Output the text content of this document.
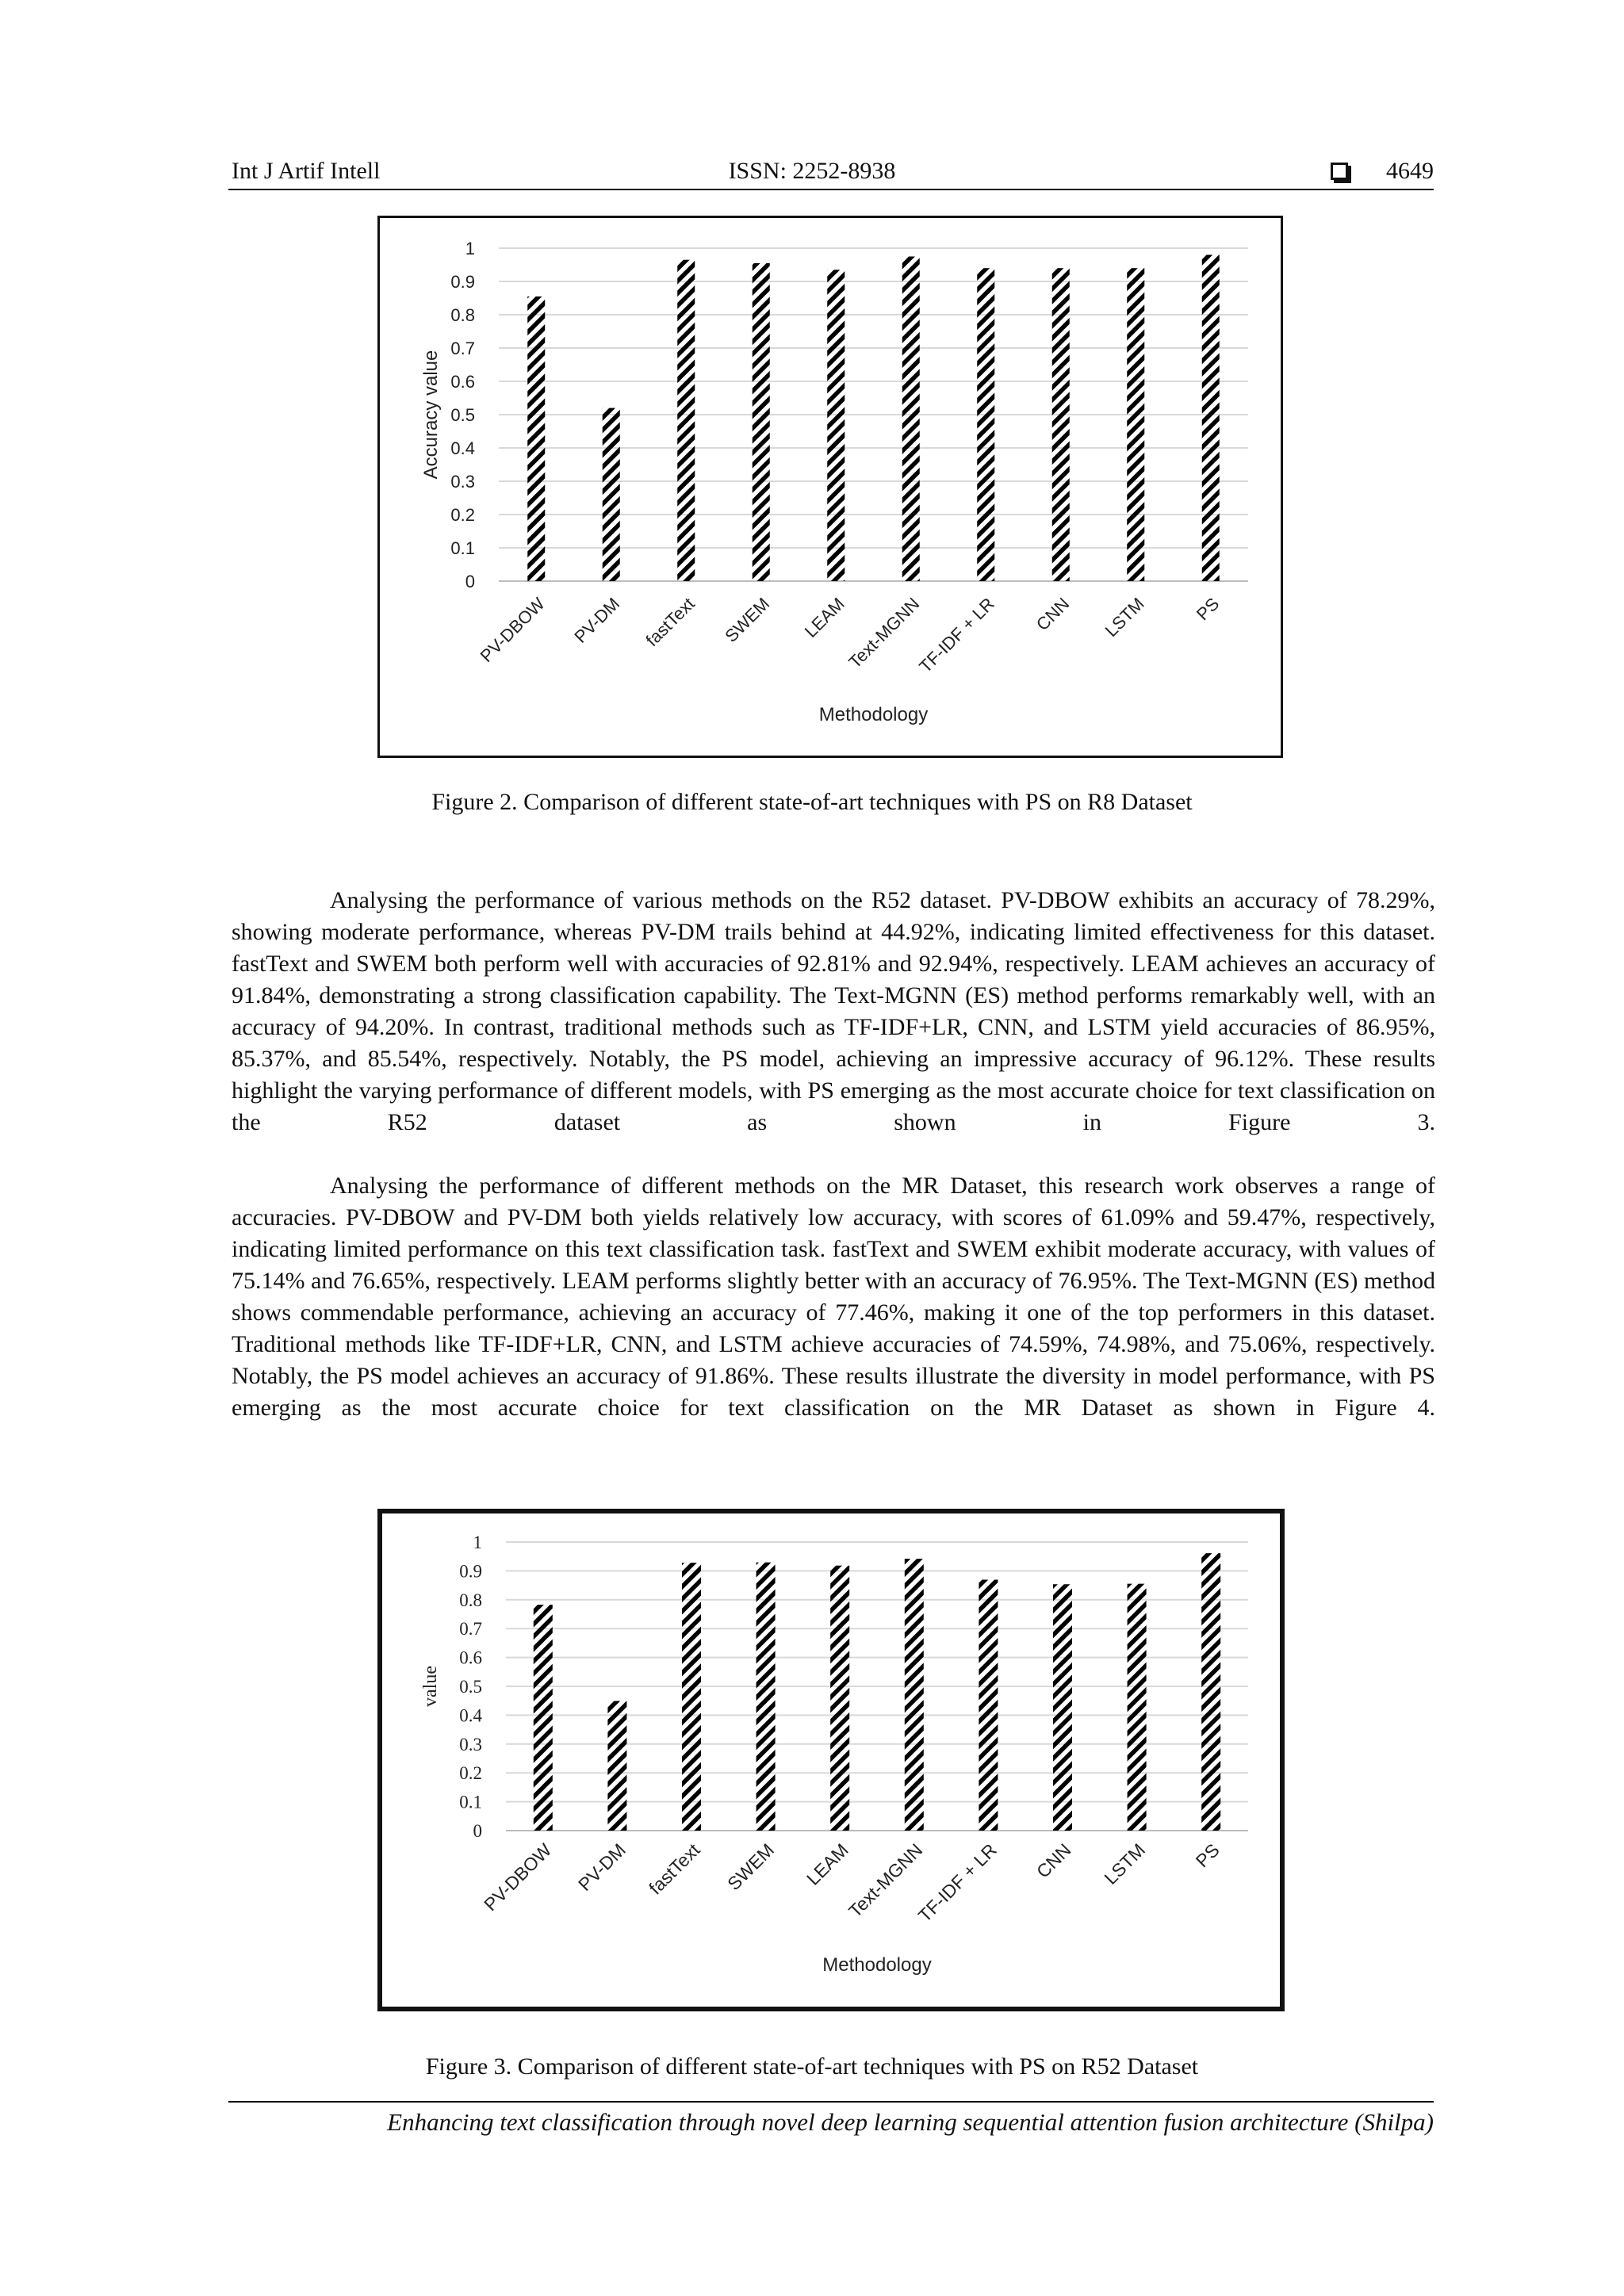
Int J Artif Intell	ISSN: 2252-8938	4649
0
0.1
0.2
0.3
0.4
0.5
0.6
0.7
0.8
0.9
1
PV-DBOW PV-DM fastText SWEM LEAM
Text-MGNN
TF-IDF + LR CNN LSTM	PS
Accuracy value
Methodology
Figure 2. Comparison of different state-of-art techniques with PS on R8 Dataset

Analysing the performance of various methods on the R52 dataset. PV-DBOW exhibits an accuracy of 78.29%, showing moderate performance, whereas PV-DM trails behind at 44.92%, indicating limited effectiveness for this dataset. fastText and SWEM both perform well with accuracies of 92.81% and 92.94%, respectively. LEAM achieves an accuracy of 91.84%, demonstrating a strong classification capability. The Text-MGNN (ES) method performs remarkably well, with an accuracy of 94.20%. In contrast, traditional methods such as TF-IDF+LR, CNN, and LSTM yield accuracies of 86.95%, 85.37%, and 85.54%, respectively. Notably, the PS model, achieving an impressive accuracy of 96.12%. These results highlight the varying performance of different models, with PS emerging as the most accurate choice for text classification on the R52 dataset as shown in Figure 3.

Analysing the performance of different methods on the MR Dataset, this research work observes a range of accuracies. PV-DBOW and PV-DM both yields relatively low accuracy, with scores of 61.09% and 59.47%, respectively, indicating limited performance on this text classification task. fastText and SWEM exhibit moderate accuracy, with values of 75.14% and 76.65%, respectively. LEAM performs slightly better with an accuracy of 76.95%. The Text-MGNN (ES) method shows commendable performance, achieving an accuracy of 77.46%, making it one of the top performers in this dataset. Traditional methods like TF-IDF+LR, CNN, and LSTM achieve accuracies of 74.59%, 74.98%, and 75.06%, respectively. Notably, the PS model achieves an accuracy of 91.86%. These results illustrate the diversity in model performance, with PS emerging as the most accurate choice for text classification on the MR Dataset as shown in Figure 4.

0
0.1
0.2
0.3
0.4
0.5
0.6
0.7
0.8
0.9
1
PV-DBOW PV-DM fastText SWEM LEAM
Text-MGNN
TF-IDF + LR CNN LSTM PS
value
Methodology
Figure 3. Comparison of different state-of-art techniques with PS on R52 Dataset
Enhancing text classification through novel deep learning sequential attention fusion architecture (Shilpa)
